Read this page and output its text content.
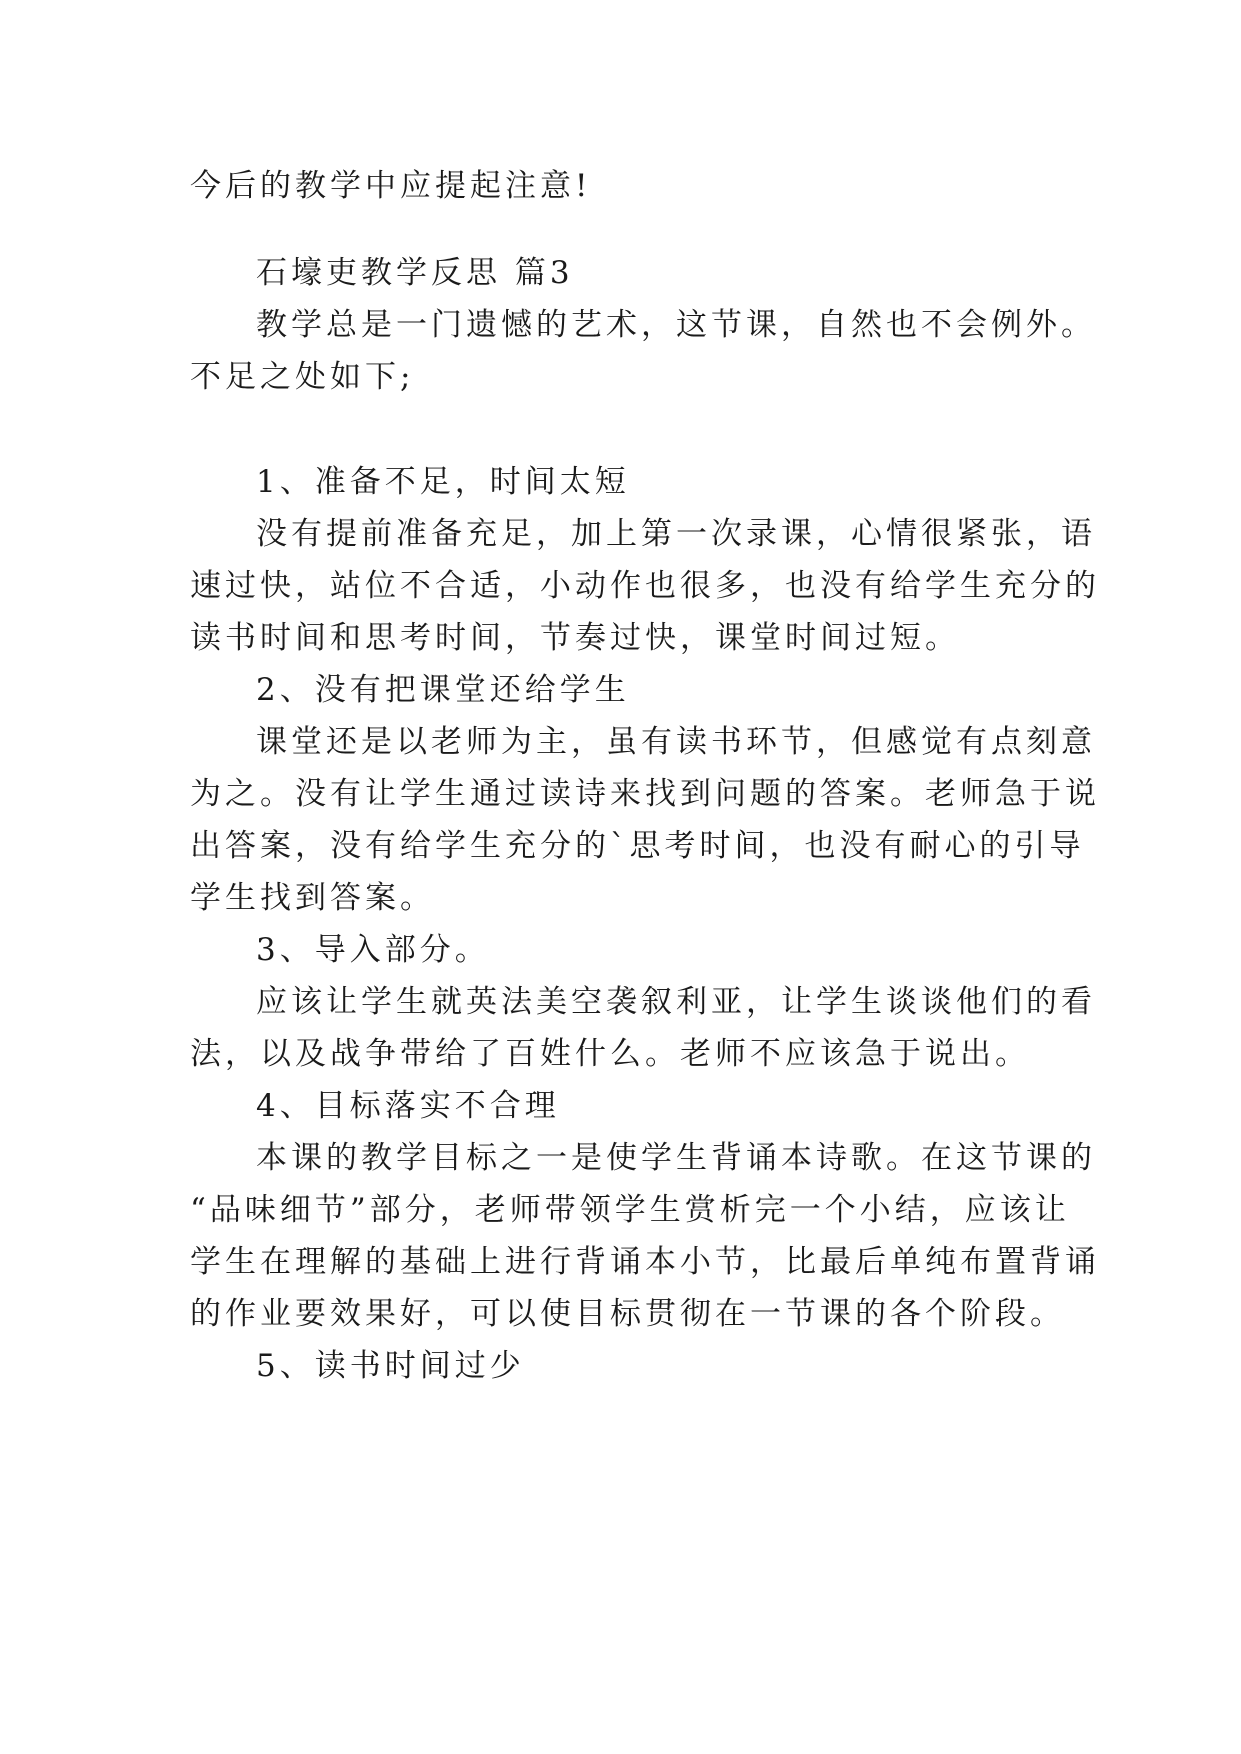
今后的教学中应提起注意!
石壕吏教学反思 篇3
教学总是一门遗憾的艺术，这节课，自然也不会例外。
不足之处如下;
1、准备不足，时间太短
没有提前准备充足，加上第一次录课，心情很紧张，语
速过快，站位不合适，小动作也很多，也没有给学生充分的
读书时间和思考时间，节奏过快，课堂时间过短。
2、没有把课堂还给学生
课堂还是以老师为主，虽有读书环节，但感觉有点刻意
为之。没有让学生通过读诗来找到问题的答案。老师急于说
出答案，没有给学生充分的`思考时间，也没有耐心的引导
学生找到答案。
3、导入部分。
应该让学生就英法美空袭叙利亚，让学生谈谈他们的看
法，以及战争带给了百姓什么。老师不应该急于说出。
4、目标落实不合理
本课的教学目标之一是使学生背诵本诗歌。在这节课的
“品味细节”部分，老师带领学生赏析完一个小结，应该让
学生在理解的基础上进行背诵本小节，比最后单纯布置背诵
的作业要效果好，可以使目标贯彻在一节课的各个阶段。
5、读书时间过少
